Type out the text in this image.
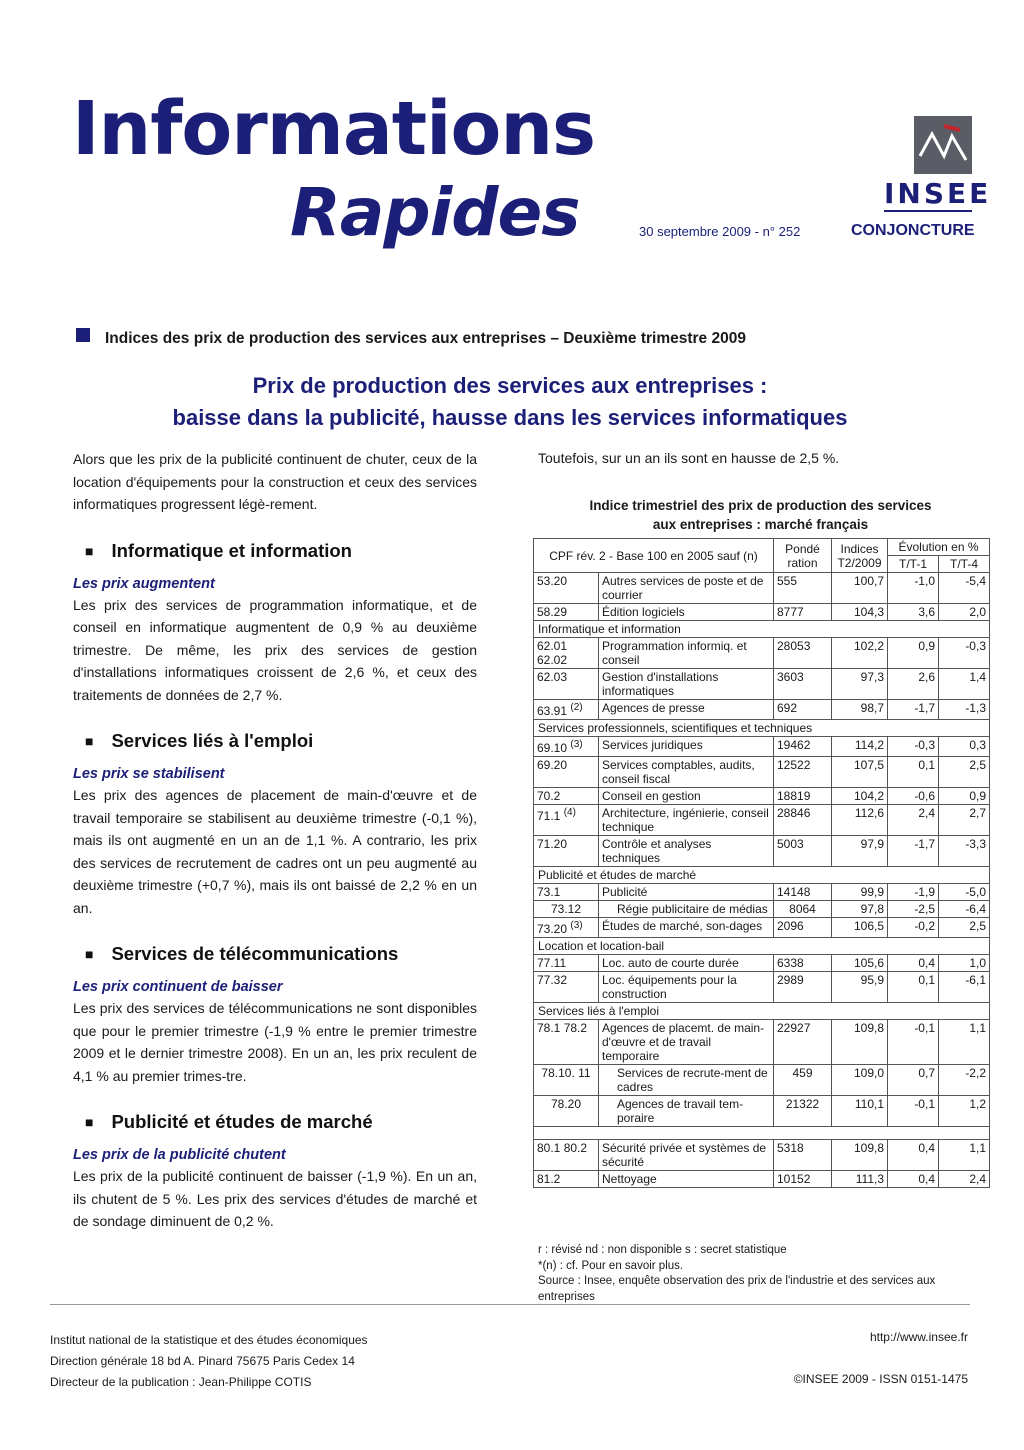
Informations
Rapides	30 septembre 2009 - n° 252
INSEE
CONJONCTURE
Indices des prix de production des services aux entreprises – Deuxième trimestre 2009
Prix de production des services aux entreprises :
baisse dans la publicité, hausse dans les services informatiques

Alors que les prix de la publicité continuent de chuter, ceux de la location d'équipements pour la construction et ceux des services informatiques progressent légè-rement.

■ Informatique et information
Les prix augmentent

Les prix des services de programmation informatique, et de conseil en informatique augmentent de 0,9 % au deuxième trimestre. De même, les prix des services de gestion d'installations informatiques croissent de 2,6 %, et ceux des traitements de données de 2,7 %.

■ Services liés à l'emploi
Les prix se stabilisent

Les prix des agences de placement de main-d'œuvre et de travail temporaire se stabilisent au deuxième trimestre (-0,1 %), mais ils ont augmenté en un an de 1,1 %. A contrario, les prix des services de recrutement de cadres ont un peu augmenté au deuxième trimestre (+0,7 %), mais ils ont baissé de 2,2 % en un an.

■ Services de télécommunications
Les prix continuent de baisser

Les prix des services de télécommunications ne sont disponibles que pour le premier trimestre (-1,9 % entre le premier trimestre 2009 et le dernier trimestre 2008). En un an, les prix reculent de 4,1 % au premier trimes-tre.

■ Publicité et études de marché
Les prix de la publicité chutent

Les prix de la publicité continuent de baisser (-1,9 %). En un an, ils chutent de 5 %. Les prix des services d'études de marché et de sondage diminuent de 0,2 %.

Toutefois, sur un an ils sont en hausse de 2,5 %.
Indice trimestriel des prix de production des services
aux entreprises : marché français
CPF rév. 2 - Base 100 en 2005 sauf (n)		Pondé ration	Indices T2/2009	Évolution en %	
				T/T-1	T/T-4
53.20	Autres services de poste et de courrier	555	100,7	-1,0	-5,4
58.29	Édition logiciels	8777	104,3	3,6	2,0
Informatique et information					
62.01 62.02	Programmation informiq. et conseil	28053	102,2	0,9	-0,3
62.03	Gestion d'installations informatiques	3603	97,3	2,6	1,4
63.91 $^{(2)}$	Agences de presse	692	98,7	-1,7	-1,3
Services professionnels, scientifiques et techniques					
69.10 $^{(3)}$	Services juridiques	19462	114,2	-0,3	0,3
69.20	Services comptables, audits, conseil fiscal	12522	107,5	0,1	2,5
70.2	Conseil en gestion	18819	104,2	-0,6	0,9
71.1 $^{(4)}$	Architecture, ingénierie, conseil technique	28846	112,6	2,4	2,7
71.20	Contrôle et analyses techniques	5003	97,9	-1,7	-3,3
Publicité et études de marché					
73.1	Publicité	14148	99,9	-1,9	-5,0
73.12	Régie publicitaire de médias	8064	97,8	-2,5	-6,4
73.20 $^{(3)}$	Études de marché, son-dages	2096	106,5	-0,2	2,5
Location et location-bail					
77.11	Loc. auto de courte durée	6338	105,6	0,4	1,0
77.32	Loc. équipements pour la construction	2989	95,9	0,1	-6,1
Services liés à l'emploi					
78.1 78.2	Agences de placemt. de main-d'œuvre et de travail temporaire	22927	109,8	-0,1	1,1
78.10. 11	Services de recrute-ment de cadres	459	109,0	0,7	-2,2
78.20	Agences de travail tem-poraire	21322	110,1	-0,1	1,2

80.1 80.2	Sécurité privée et systèmes de sécurité	5318	109,8	0,4	1,1
81.2	Nettoyage	10152	111,3	0,4	2,4
r : révisé nd : non disponible s : secret statistique
*(n) : cf. Pour en savoir plus.
Source : Insee, enquête observation des prix de l'industrie et des services aux entreprises
Institut national de la statistique et des études économiques
Direction générale 18 bd A. Pinard 75675 Paris Cedex 14
Directeur de la publication : Jean-Philippe COTIS
http://www.insee.fr
©INSEE 2009 - ISSN 0151-1475
